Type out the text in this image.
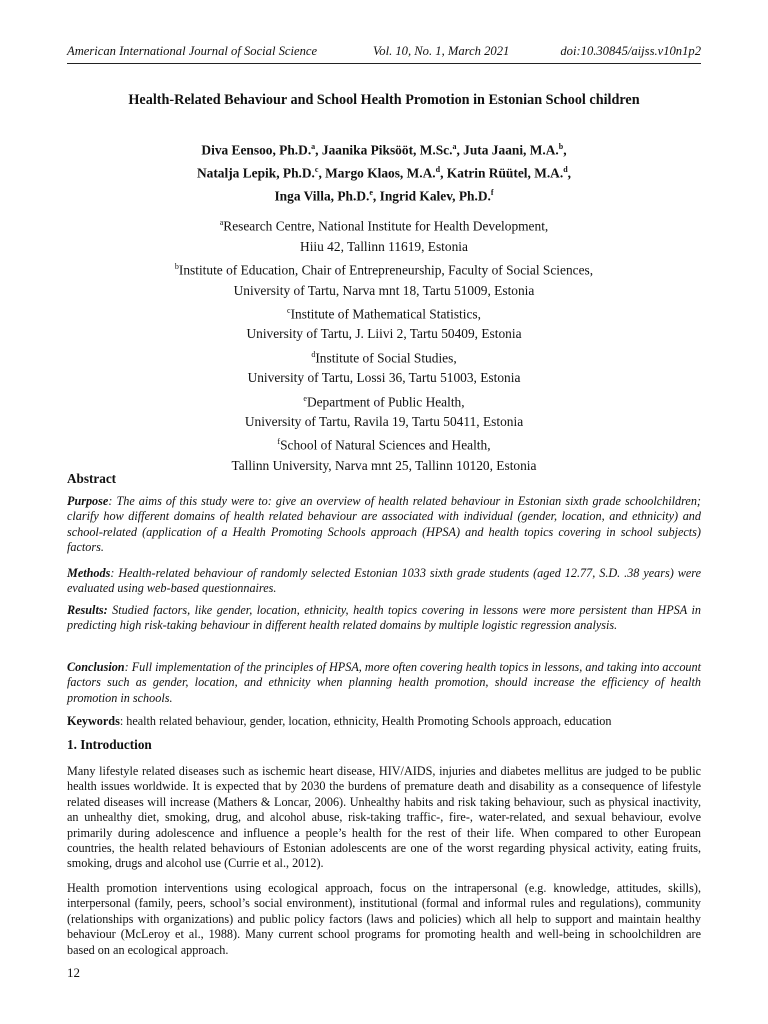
American International Journal of Social Science	Vol. 10, No. 1, March 2021	doi:10.30845/aijss.v10n1p2
Health-Related Behaviour and School Health Promotion in Estonian School children
Diva Eensoo, Ph.D.$^a$, Jaanika Piksööt, M.Sc.$^a$, Juta Jaani, M.A.$^b$,
Natalja Lepik, Ph.D.$^c$, Margo Klaos, M.A.$^d$, Katrin Rüütel, M.A.$^d$,
Inga Villa, Ph.D.$^e$, Ingrid Kalev, Ph.D.$^f$
$^a$Research Centre, National Institute for Health Development,
Hiiu 42, Tallinn 11619, Estonia
$^b$Institute of Education, Chair of Entrepreneurship, Faculty of Social Sciences,
University of Tartu, Narva mnt 18, Tartu 51009, Estonia
$^c$Institute of Mathematical Statistics,
University of Tartu, J. Liivi 2, Tartu 50409, Estonia
$^d$Institute of Social Studies,
University of Tartu, Lossi 36, Tartu 51003, Estonia
$^e$Department of Public Health,
University of Tartu, Ravila 19, Tartu 50411, Estonia
$^f$School of Natural Sciences and Health,
Tallinn University, Narva mnt 25, Tallinn 10120, Estonia
Abstract
Purpose: The aims of this study were to: give an overview of health related behaviour in Estonian sixth grade schoolchildren; clarify how different domains of health related behaviour are associated with individual (gender, location, and ethnicity) and school-related (application of a Health Promoting Schools approach (HPSA) and health topics covering in school subjects) factors.
Methods: Health-related behaviour of randomly selected Estonian 1033 sixth grade students (aged 12.77, S.D. .38 years) were evaluated using web-based questionnaires.
Results: Studied factors, like gender, location, ethnicity, health topics covering in lessons were more persistent than HPSA in predicting high risk-taking behaviour in different health related domains by multiple logistic regression analysis.
Conclusion: Full implementation of the principles of HPSA, more often covering health topics in lessons, and taking into account factors such as gender, location, and ethnicity when planning health promotion, should increase the efficiency of health promotion in schools.
Keywords: health related behaviour, gender, location, ethnicity, Health Promoting Schools approach, education
1. Introduction
Many lifestyle related diseases such as ischemic heart disease, HIV/AIDS, injuries and diabetes mellitus are judged to be public health issues worldwide. It is expected that by 2030 the burdens of premature death and disability as a consequence of lifestyle related diseases will increase (Mathers & Loncar, 2006). Unhealthy habits and risk taking behaviour, such as physical inactivity, an unhealthy diet, smoking, drug, and alcohol abuse, risk-taking traffic-, fire-, water-related, and sexual behaviour, evolve primarily during adolescence and influence a people’s health for the rest of their life. When compared to other European countries, the health related behaviours of Estonian adolescents are one of the worst regarding physical activity, eating fruits, smoking, drugs and alcohol use (Currie et al., 2012).
Health promotion interventions using ecological approach, focus on the intrapersonal (e.g. knowledge, attitudes, skills), interpersonal (family, peers, school’s social environment), institutional (formal and informal rules and regulations), community (relationships with organizations) and public policy factors (laws and policies) which all help to support and maintain healthy behaviour (McLeroy et al., 1988). Many current school programs for promoting health and well-being in schoolchildren are based on an ecological approach.
12
